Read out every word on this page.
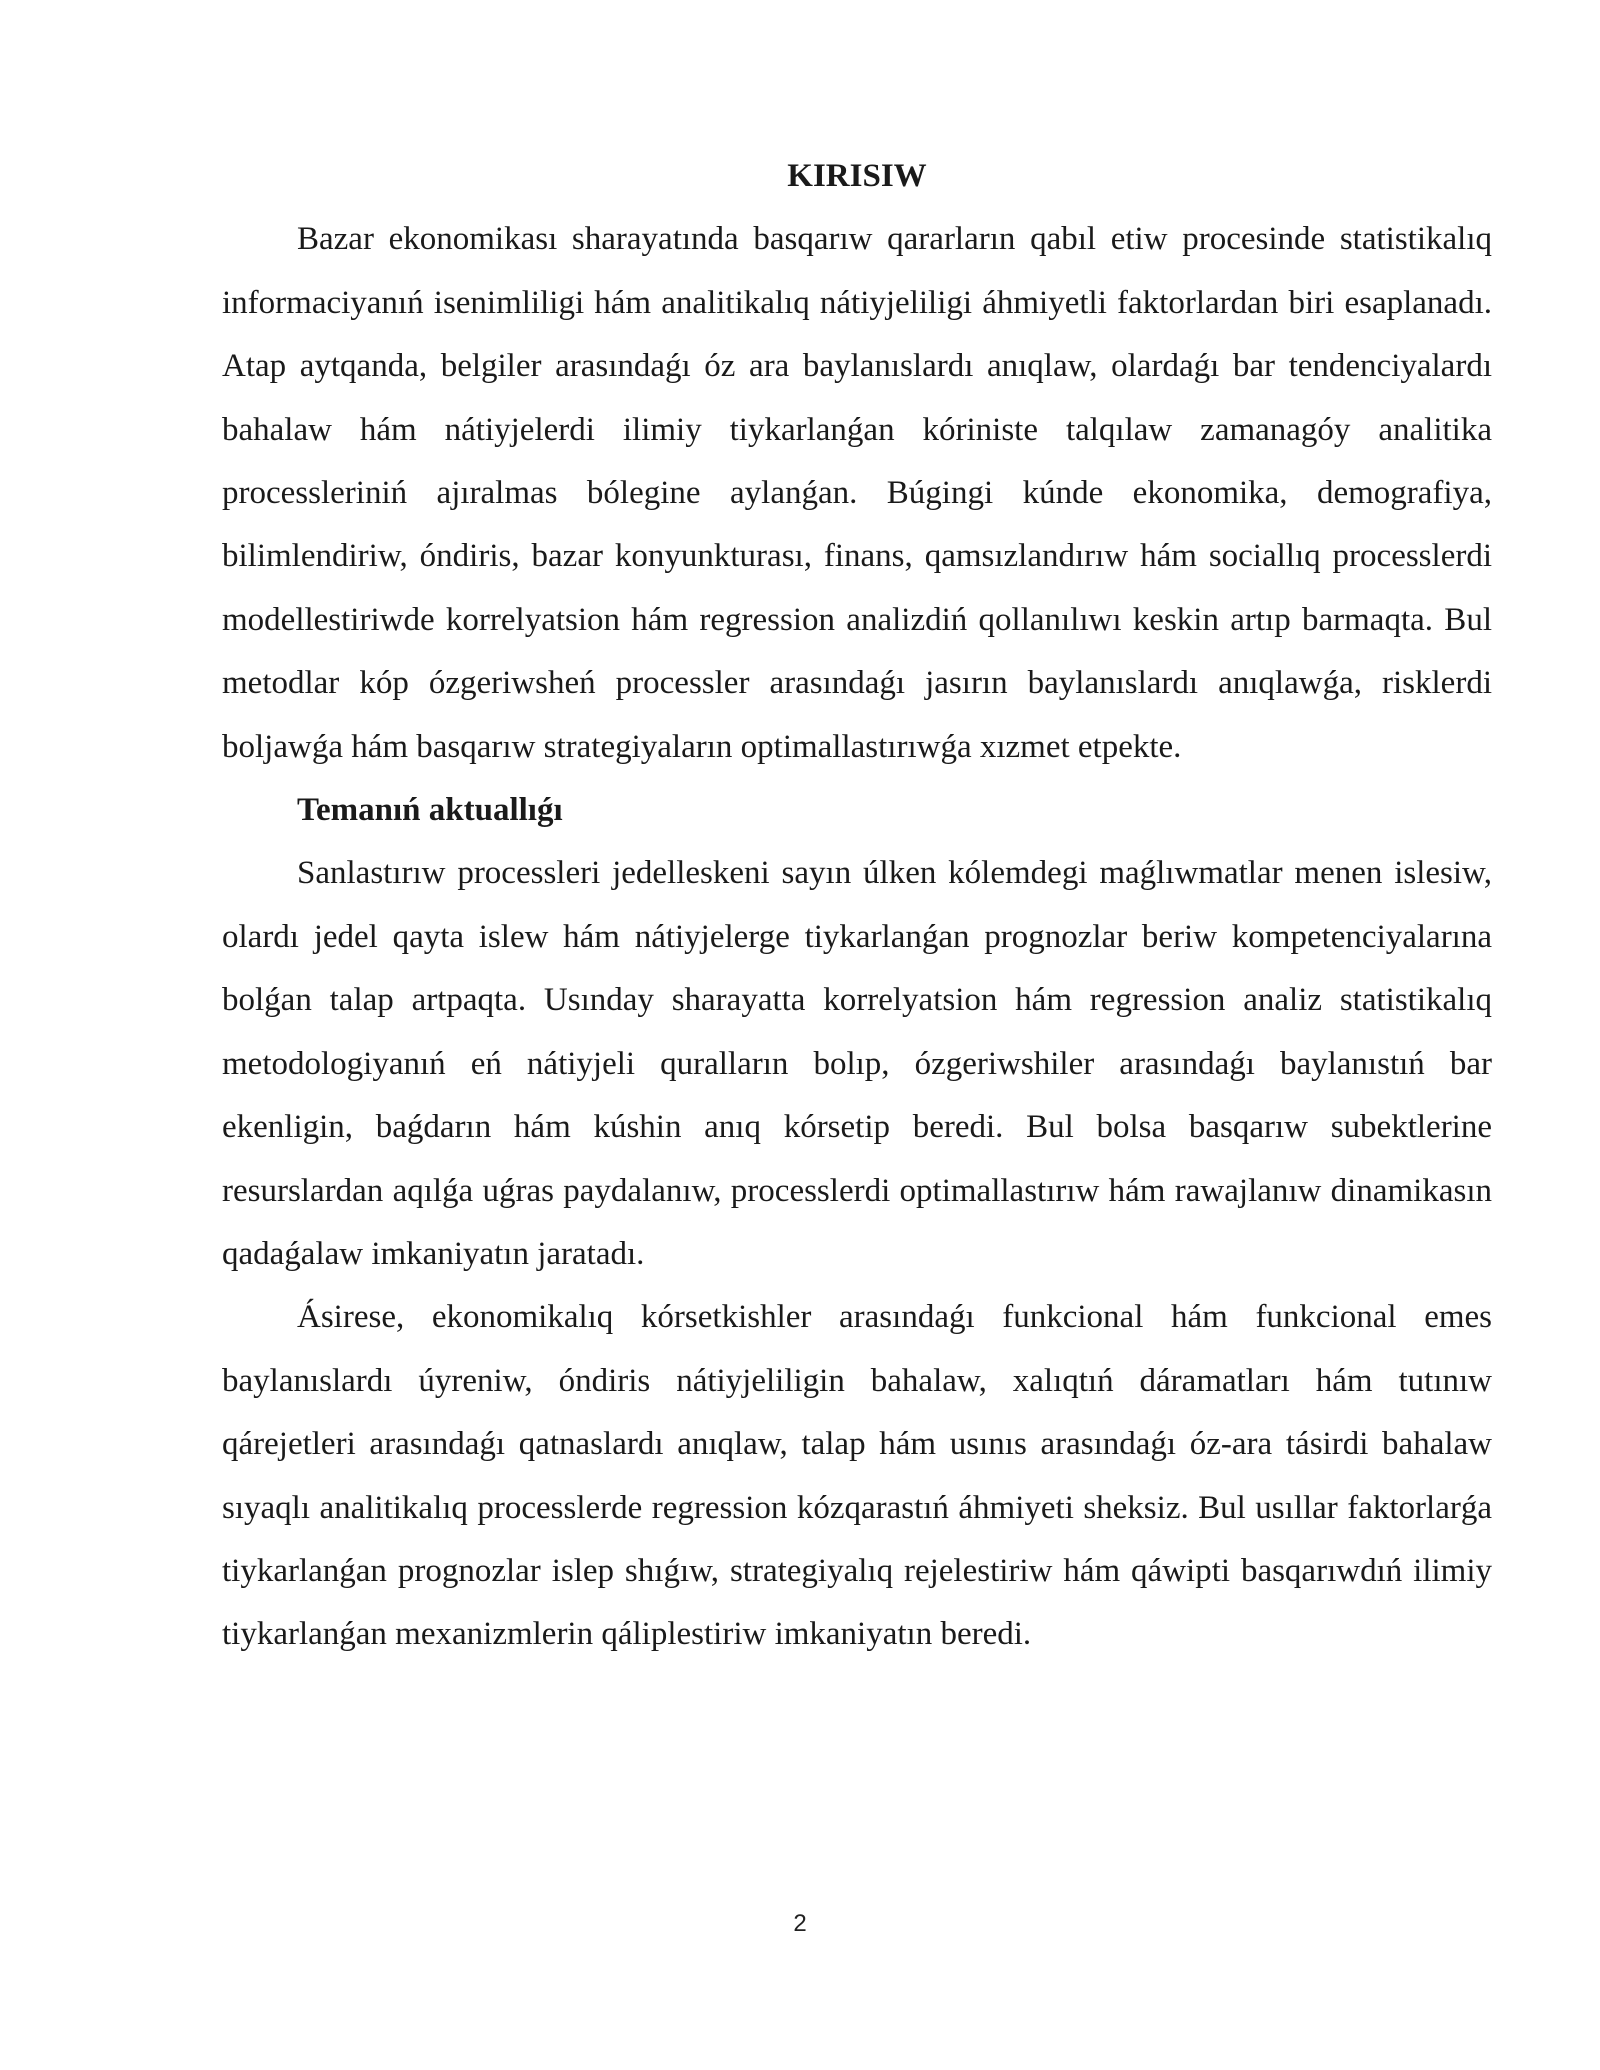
KIRISIW

Bazar ekonomikası sharayatında basqarıw qararların qabıl etiw procesinde statistikalıq informaciyanıń isenimliligi hám analitikalıq nátiyjeliligi áhmiyetli faktorlardan biri esaplanadı. Atap aytqanda, belgiler arasındaǵı óz ara baylanıslardı anıqlaw, olardaǵı bar tendenciyalardı bahalaw hám nátiyjelerdi ilimiy tiykarlanǵan kóriniste talqılaw zamanagóy analitika processleriniń ajıralmas bólegine aylanǵan. Búgingi kúnde ekonomika, demografiya, bilimlendiriw, óndiris, bazar konyunkturası, finans, qamsızlandırıw hám sociallıq processlerdi modellestiriwde korrelyatsion hám regression analizdiń qollanılıwı keskin artıp barmaqta. Bul metodlar kóp ózgeriwsheń processler arasındaǵı jasırın baylanıslardı anıqlawǵa, risklerdi boljawǵa hám basqarıw strategiyaların optimallastırıwǵa xızmet etpekte.

Temanıń aktuallıǵı

Sanlastırıw processleri jedelleskeni sayın úlken kólemdegi maǵlıwmatlar menen islesiw, olardı jedel qayta islew hám nátiyjelerge tiykarlanǵan prognozlar beriw kompetenciyalarına bolǵan talap artpaqta. Usınday sharayatta korrelyatsion hám regression analiz statistikalıq metodologiyanıń eń nátiyjeli quralların bolıp, ózgeriwshiler arasındaǵı baylanıstıń bar ekenligin, baǵdarın hám kúshin anıq kórsetip beredi. Bul bolsa basqarıw subektlerine resurslardan aqılǵa uǵras paydalanıw, processlerdi optimallastırıw hám rawajlanıw dinamikasın qadaǵalaw imkaniyatın jaratadı.

Ásirese, ekonomikalıq kórsetkishler arasındaǵı funkcional hám funkcional emes baylanıslardı úyreniw, óndiris nátiyjeliligin bahalaw, xalıqtıń dáramatları hám tutınıw qárejetleri arasındaǵı qatnaslardı anıqlaw, talap hám usınıs arasındaǵı óz-ara tásirdi bahalaw sıyaqlı analitikalıq processlerde regression kózqarastıń áhmiyeti sheksiz. Bul usıllar faktorlarǵa tiykarlanǵan prognozlar islep shıǵıw, strategiyalıq rejelestiriw hám qáwipti basqarıwdıń ilimiy tiykarlanǵan mexanizmlerin qáliplestiriw imkaniyatın beredi.

2
